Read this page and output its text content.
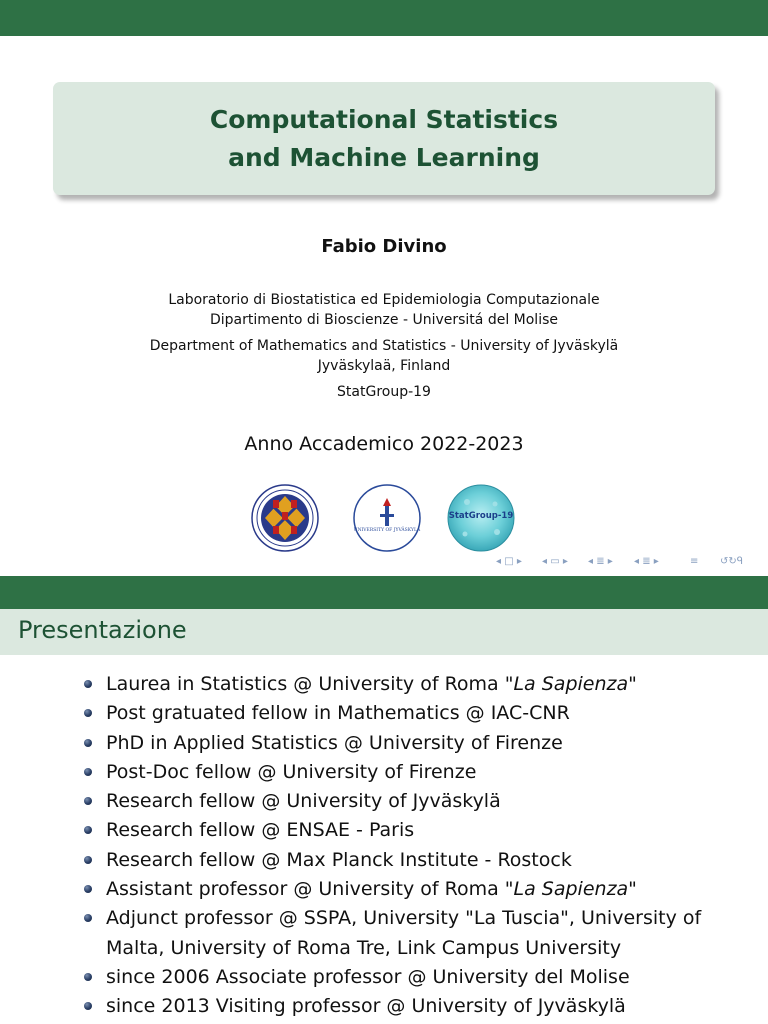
Computational Statistics
and Machine Learning
Fabio Divino
Laboratorio di Biostatistica ed Epidemiologia Computazionale
Dipartimento di Bioscienze - Universitá del Molise
Department of Mathematics and Statistics - University of Jyväskylä
Jyväskylaä, Finland
StatGroup-19
Anno Accademico 2022-2023
UNIVERSITY OF JYVÄSKYLÄ
StatGroup-19
◂ □ ▸ ◂ ▭ ▸ ◂ ≣ ▸ ◂ ≣ ▸	≡ ↺↻ᑫ
Presentazione
Laurea in Statistics @ University of Roma "La Sapienza"
Post gratuated fellow in Mathematics @ IAC-CNR
PhD in Applied Statistics @ University of Firenze
Post-Doc fellow @ University of Firenze
Research fellow @ University of Jyväskylä
Research fellow @ ENSAE - Paris
Research fellow @ Max Planck Institute - Rostock
Assistant professor @ University of Roma "La Sapienza"
Adjunct professor @ SSPA, University "La Tuscia", University of Malta, University of Roma Tre, Link Campus University
since 2006 Associate professor @ University del Molise
since 2013 Visiting professor @ University of Jyväskylä
